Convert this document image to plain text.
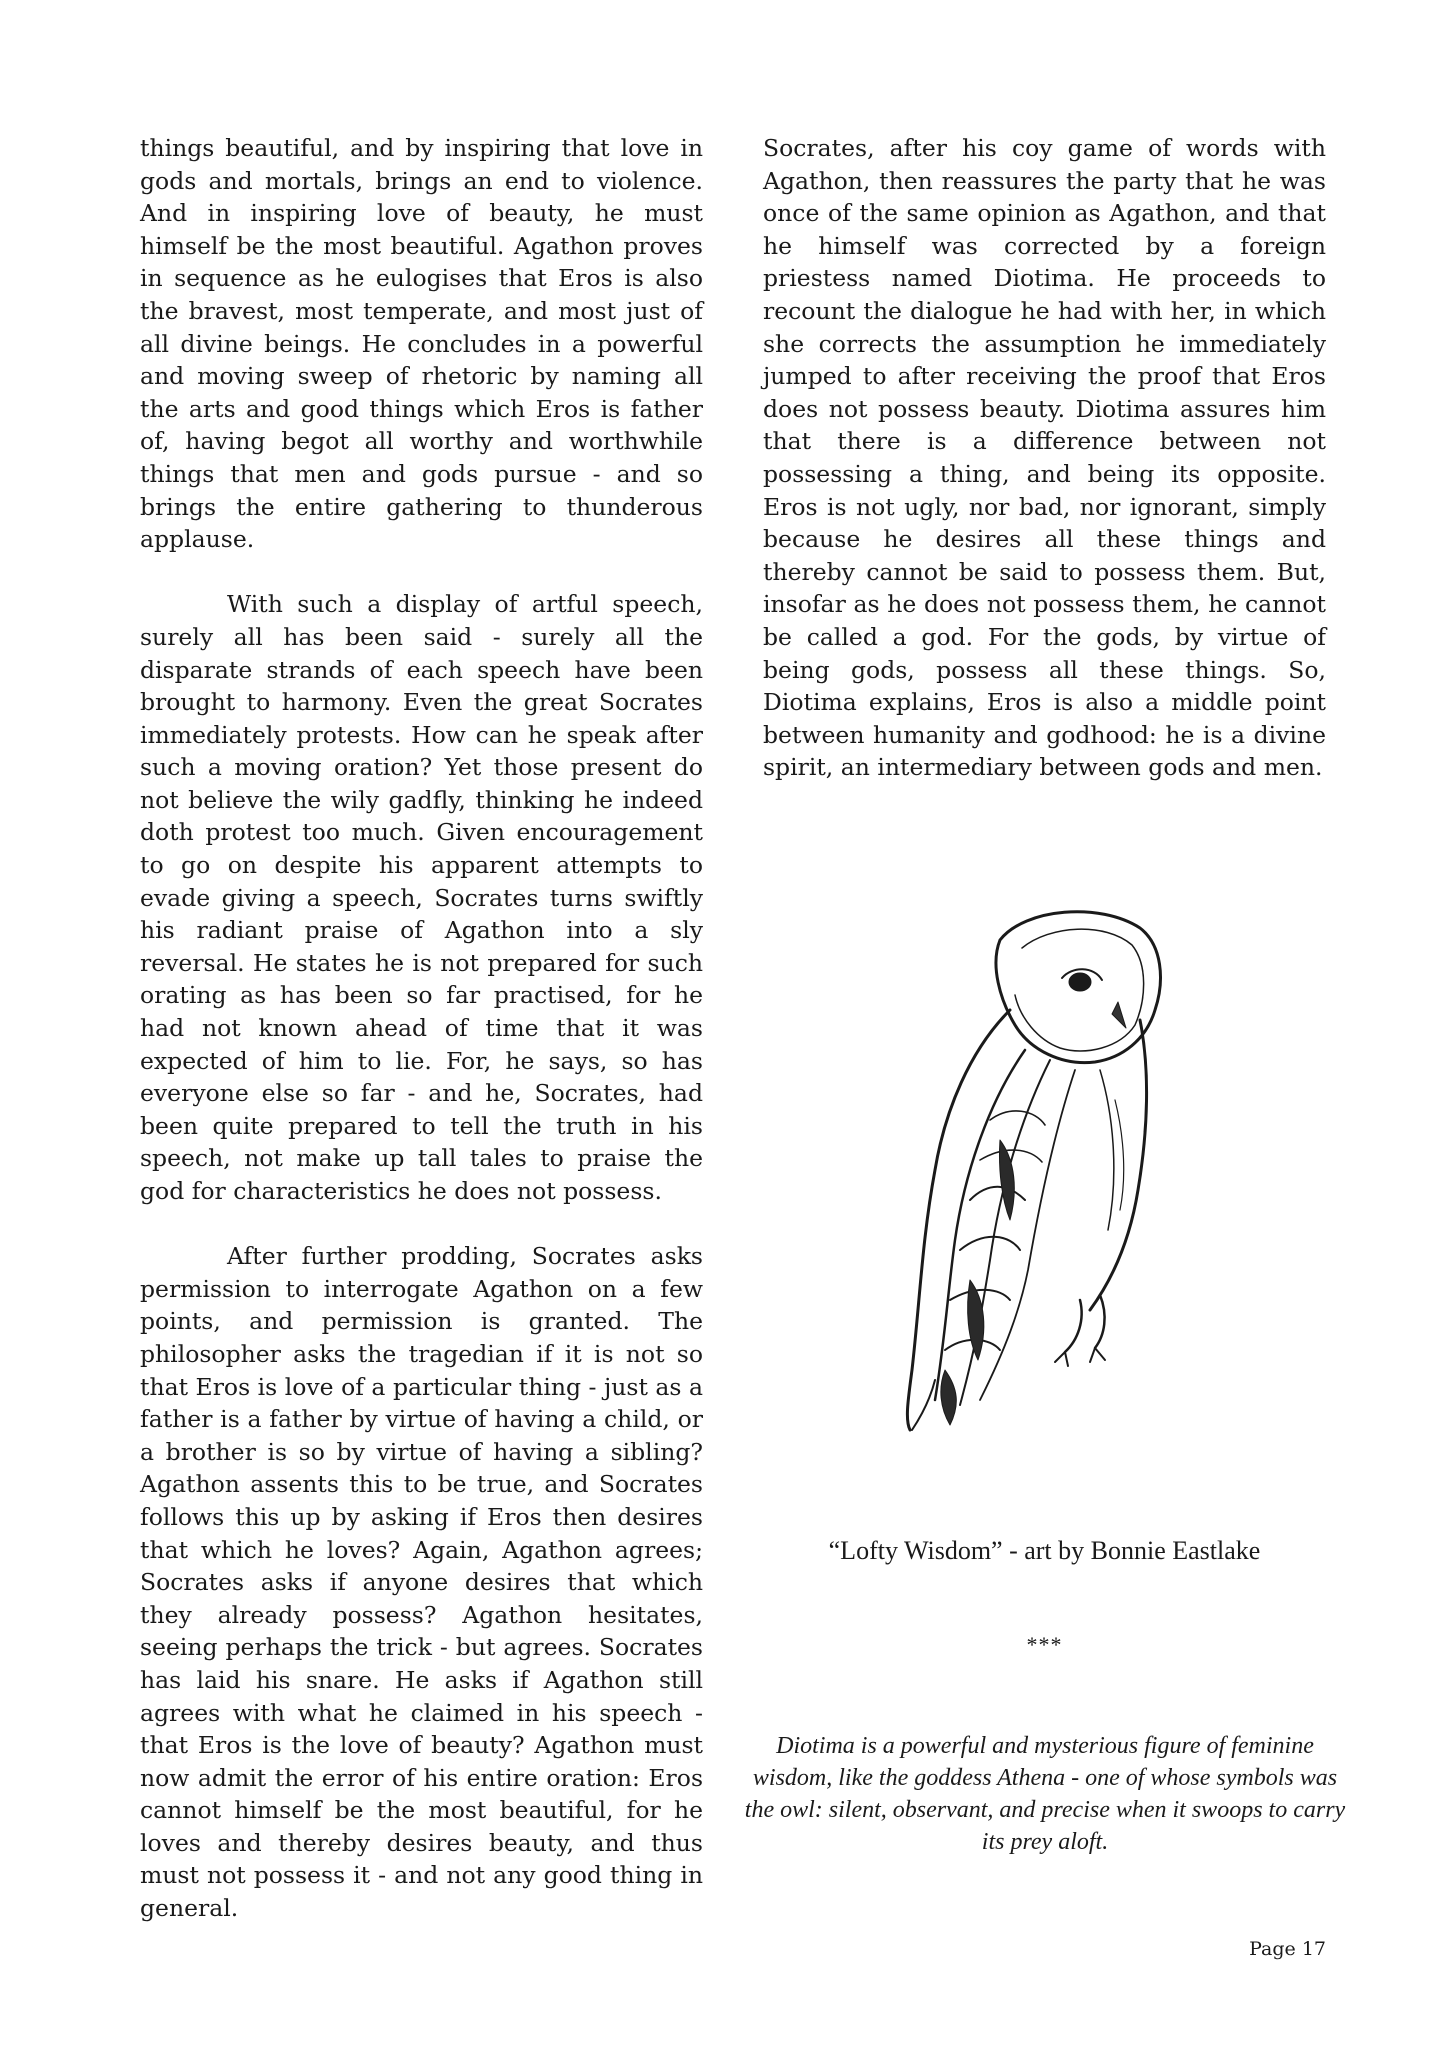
things beautiful, and by inspiring that love in gods and mortals, brings an end to violence. And in inspiring love of beauty, he must himself be the most beautiful. Agathon proves in sequence as he eulogises that Eros is also the bravest, most temperate, and most just of all divine beings. He concludes in a powerful and moving sweep of rhetoric by naming all the arts and good things which Eros is father of, having begot all worthy and worthwhile things that men and gods pursue - and so brings the entire gathering to thunderous applause.

With such a display of artful speech, surely all has been said - surely all the disparate strands of each speech have been brought to harmony. Even the great Socrates immediately protests. How can he speak after such a moving oration? Yet those present do not believe the wily gadfly, thinking he indeed doth protest too much. Given encouragement to go on despite his apparent attempts to evade giving a speech, Socrates turns swiftly his radiant praise of Agathon into a sly reversal. He states he is not prepared for such orating as has been so far practised, for he had not known ahead of time that it was expected of him to lie. For, he says, so has everyone else so far - and he, Socrates, had been quite prepared to tell the truth in his speech, not make up tall tales to praise the god for characteristics he does not possess.

After further prodding, Socrates asks permission to interrogate Agathon on a few points, and permission is granted. The philosopher asks the tragedian if it is not so that Eros is love of a particular thing - just as a father is a father by virtue of having a child, or a brother is so by virtue of having a sibling? Agathon assents this to be true, and Socrates follows this up by asking if Eros then desires that which he loves? Again, Agathon agrees; Socrates asks if anyone desires that which they already possess? Agathon hesitates, seeing perhaps the trick - but agrees. Socrates has laid his snare. He asks if Agathon still agrees with what he claimed in his speech - that Eros is the love of beauty? Agathon must now admit the error of his entire oration: Eros cannot himself be the most beautiful, for he loves and thereby desires beauty, and thus must not possess it - and not any good thing in general.

Socrates, after his coy game of words with Agathon, then reassures the party that he was once of the same opinion as Agathon, and that he himself was corrected by a foreign priestess named Diotima. He proceeds to recount the dialogue he had with her, in which she corrects the assumption he immediately jumped to after receiving the proof that Eros does not possess beauty. Diotima assures him that there is a difference between not possessing a thing, and being its opposite. Eros is not ugly, nor bad, nor ignorant, simply because he desires all these things and thereby cannot be said to possess them. But, insofar as he does not possess them, he cannot be called a god. For the gods, by virtue of being gods, possess all these things. So, Diotima explains, Eros is also a middle point between humanity and godhood: he is a divine spirit, an intermediary between gods and men.

“Lofty Wisdom” - art by Bonnie Eastlake
***
Diotima is a powerful and mysterious figure of feminine wisdom, like the goddess Athena - one of whose symbols was the owl: silent, observant, and precise when it swoops to carry its prey aloft.
Page 17
